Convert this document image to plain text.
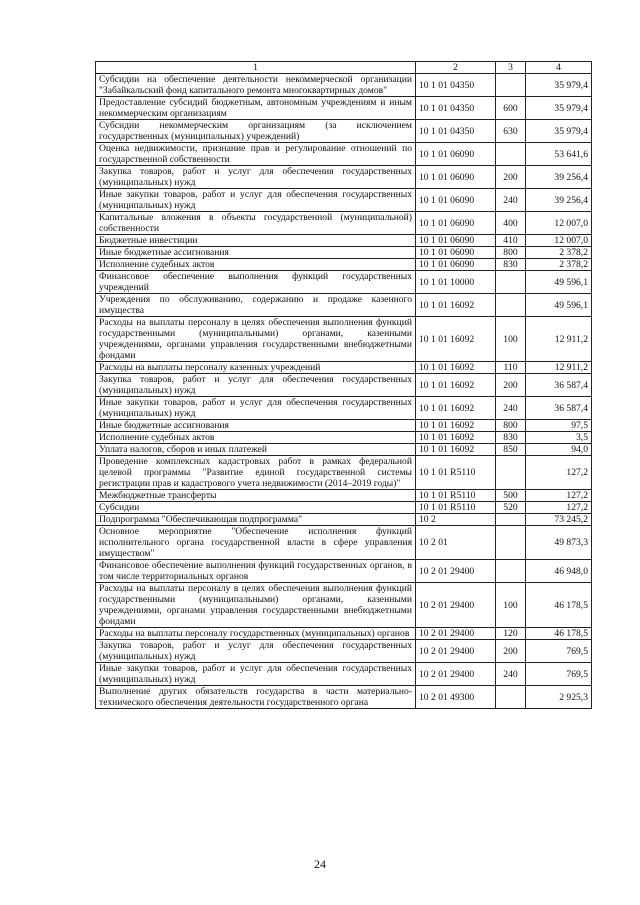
1	2	3	4
Субсидии на обеспечение деятельности некоммерческой организации "Забайкальский фонд капитального ремонта многоквартирных домов"	10 1 01 04350		35 979,4
Предоставление субсидий бюджетным, автономным учреждениям и иным некоммерческим организациям	10 1 01 04350	600	35 979,4
Субсидии некоммерческим организациям (за исключением государственных (муниципальных) учреждений)	10 1 01 04350	630	35 979,4
Оценка недвижимости, признание прав и регулирование отношений по государственной собственности	10 1 01 06090		53 641,6
Закупка товаров, работ и услуг для обеспечения государственных (муниципальных) нужд	10 1 01 06090	200	39 256,4
Иные закупки товаров, работ и услуг для обеспечения государственных (муниципальных) нужд	10 1 01 06090	240	39 256,4
Капитальные вложения в объекты государственной (муниципальной) собственности	10 1 01 06090	400	12 007,0
Бюджетные инвестиции	10 1 01 06090	410	12 007,0
Иные бюджетные ассигнования	10 1 01 06090	800	2 378,2
Исполнение судебных актов	10 1 01 06090	830	2 378,2
Финансовое обеспечение выполнения функций государственных учреждений	10 1 01 10000		49 596,1
Учреждения по обслуживанию, содержанию и продаже казенного имущества	10 1 01 16092		49 596,1
Расходы на выплаты персоналу в целях обеспечения выполнения функций государственными (муниципальными) органами, казенными учреждениями, органами управления государственными внебюджетными фондами	10 1 01 16092	100	12 911,2
Расходы на выплаты персоналу казенных учреждений	10 1 01 16092	110	12 911,2
Закупка товаров, работ и услуг для обеспечения государственных (муниципальных) нужд	10 1 01 16092	200	36 587,4
Иные закупки товаров, работ и услуг для обеспечения государственных (муниципальных) нужд	10 1 01 16092	240	36 587,4
Иные бюджетные ассигнования	10 1 01 16092	800	97,5
Исполнение судебных актов	10 1 01 16092	830	3,5
Уплата налогов, сборов и иных платежей	10 1 01 16092	850	94,0
Проведение комплексных кадастровых работ в рамках федеральной целевой программы "Развитие единой государственной системы регистрации прав и кадастрового учета недвижимости (2014–2019 годы)"	10 1 01 R5110		127,2
Межбюджетные трансферты	10 1 01 R5110	500	127,2
Субсидии	10 1 01 R5110	520	127,2
Подпрограмма "Обеспечивающая подпрограмма"	10 2		73 245,2
Основное мероприятие "Обеспечение исполнения функций исполнительного органа государственной власти в сфере управления имуществом"	10 2 01		49 873,3
Финансовое обеспечение выполнения функций государственных органов, в том числе территориальных органов	10 2 01 29400		46 948,0
Расходы на выплаты персоналу в целях обеспечения выполнения функций государственными (муниципальными) органами, казенными учреждениями, органами управления государственными внебюджетными фондами	10 2 01 29400	100	46 178,5
Расходы на выплаты персоналу государственных (муниципальных) органов	10 2 01 29400	120	46 178,5
Закупка товаров, работ и услуг для обеспечения государственных (муниципальных) нужд	10 2 01 29400	200	769,5
Иные закупки товаров, работ и услуг для обеспечения государственных (муниципальных) нужд	10 2 01 29400	240	769,5
Выполнение других обязательств государства в части материально-технического обеспечения деятельности государственного органа	10 2 01 49300		2 925,3
24
